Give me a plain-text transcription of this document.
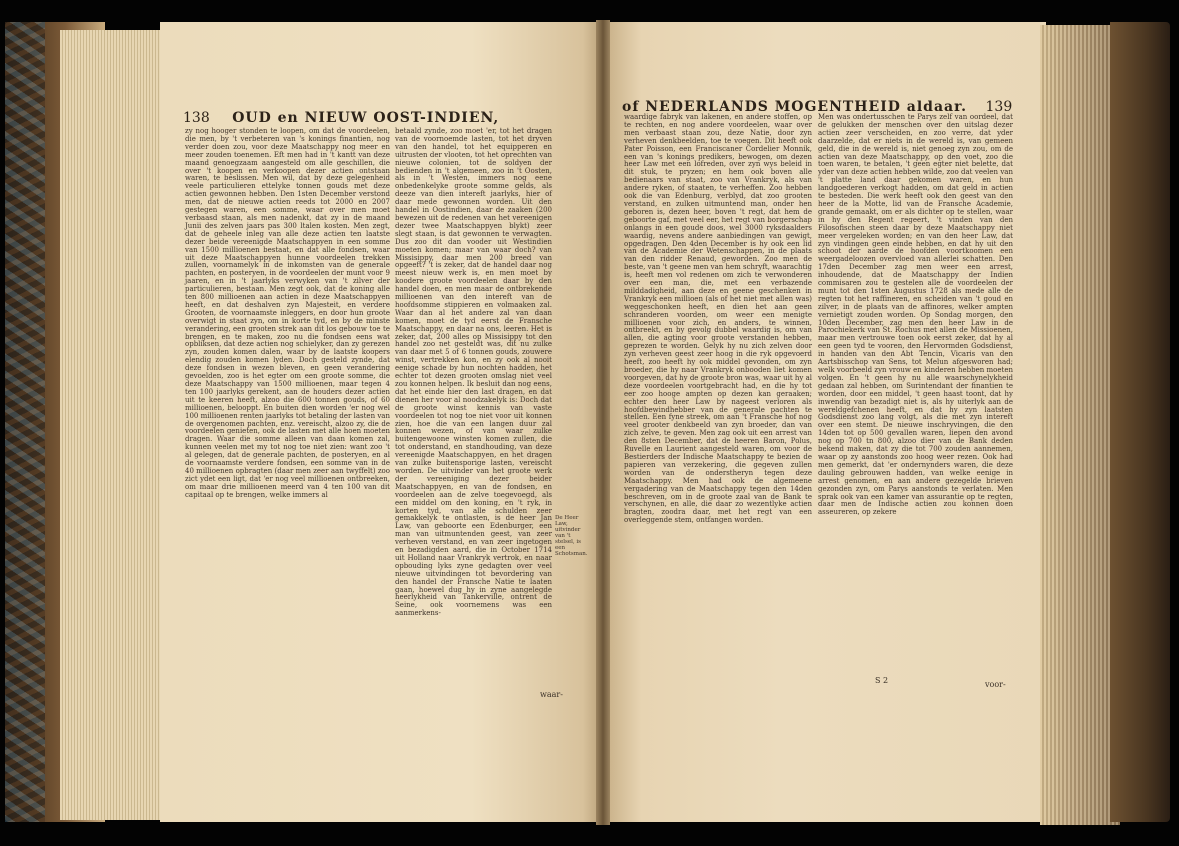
138 OUD en NIEUW OOST-INDIEN,
zy nog hooger stonden te loopen, om dat de voordeelen, die men, by 't verbeteren van 's konings finantien, nog verder doen zou, voor deze Maatschappy nog meer en meer zouden toenemen. Eft men had in 't kantt van deze maand genoegzaam aangesteld om alle geschillen, die over 't koopen en verkoopen dezer actien ontstaan waren, te beslissen. Men wil, dat by deze gelegenheid veele particulieren ettelyke tonnen gouds met deze actien gewonnen hebben. Den 1sten December verstond men, dat de nieuwe actien reeds tot 2000 en 2007 gestegen waren, een somme, waar over men moet verbaasd staan, als men nadenkt, dat zy in de maand Junii des zelven jaars pas 300 ltalen kosten. Men zegt, dat de geheele inleg van alle deze actien ten laatste dezer beide vereenigde Maatschappyen in een somme van 1500 millioenen bestaat, en dat alle fondsen, waar uit deze Maatschappyen hunne voordeelen trekken zullen, voornamelyk in de inkomsten van de generale pachten, en posteryen, in de voordeelen der munt voor 9 jaaren, en in 't jaarlyks verwyken van 't zilver der particulieren, bestaan. Men zegt ook, dat de koning alle ten 800 millioenen aan actien in deze Maatschappyen heeft, en dat deshalven zyn Majesteit, en verdere Grooten, de voornaamste inleggers, en door hun groote overwigt in staat zyn, om in korte tyd, en by de minste verandering, een grooten strek aan dit los gebouw toe te brengen, en te maken, zoo nu die fondsen eens wat opbliksen, dat deze actien nog schielyker, dan zy gerezen zyn, zouden komen dalen, waar by de laatste koopers elendig zouden komen lyden. Doch gesteld zynde, dat deze fondsen in wezen bleven, en geen verandering gevoelden, zoo is het egter om een groote somme, die deze Maatschappy van 1500 millioenen, maar tegen 4 ten 100 jaarlyks gerekent, aan de houders dezer actien uit te keeren heeft, alzoo die 600 tonnen gouds, of 60 millioenen, belooppt. En buiten dien worden 'er nog wel 100 millioenen renten jaarlyks tot betaling der lasten van de overgenomen pachten, enz. vereischt, alzoo zy, die de voordeelen genieten, ook de lasten met alle hoen moeten dragen. Waar die somme alleen van daan komen zal, kunnen veelen met my tot nog toe niet zien: want zoo 't al gelegen, dat de generale pachten, de posteryen, en al de voornaamste verdere fondsen, een somme van in de 40 millioenen opbragten (daar men zeer aan twyffelt) zoo zict ydet een ligt, dat 'er nog veel millioenen ontbreeken, om maar drie millioenen meerd van 4 ten 100 van dit capitaal op te brengen, welke immers al
betaald zynde, zoo moet 'er, tot het dragen van de voornoemde lasten, tot het dryven van den handel, tot het equipperen en uitrusten der vlooten, tot het oprechten van nieuwe colonien, tot de soldyen der bedienden in 't algemeen, zoo in 't Oosten, als in 't Westen, immers nog eene onbedenkelyke groote somme gelds, als deeze van dien intereft jaarlyks, hier of daar mede gewonnen worden. Uit den handel in Oostindien, daar de zaaken (200 bewezen uit de redenen van het vereenigen dezer twee Maatschappyen blykt) zeer slegt staan, is dat gewonnen te verwagten. Dus zoo dit dan vooder uit Westindien moeten komen; maar van waar doch? van Missisippy, daar men 200 breed van opgeeft? 't is zeker, dat de handel daar nog meest nieuw werk is, en men moet by koodere groote voordeelen daar by den handel doen, en men maar de ontbrekende millioenen van den intereft van de hoofdsomme stippieren en volmaaken zal. Waar dan al het andere zal van daan komen, moet de tyd eerst de Fransche Maatschappy, en daar na ons, leeren. Het is zeker, dat, 200 alles op Missisippy tot den handel zoo net gesteldt was, dit nu zulke van daar met 5 of 6 tonnen gouds, zouwere winst, vertrekken kon, en zy ook al nooit eenige schade by hun nochten hadden, het echter tot dezen grooten omslag niet veel zou konnen helpen. Ik besluit dan nog eens, dat het einde hier den last dragen, en dat dienen her voor al noodzakelyk is: Doch dat de groote winst kennis van vaste voordeelen tot nog toe niet voor uit konnen zien, hoe die van een langen duur zal konnen wezen, of van waar zulke buitengewoone winsten komen zullen, die tot onderstand, en standhouding, van deze vereenigde Maatschappyen, en het dragen van zulke buitensporige lasten, vereischt worden. De uitvinder van het groote werk der vereeniging dezer beider Maatschappyen, en van de fondsen, en voordeelen aan de zelve toegevoegd, als een middel om den koning, en 't ryk, in korten tyd, van alle schulden zeer gemakkelyk te ontlasten, is de heer Jan Law, van geboorte een Edenburger, een man van uitmuntenden geest, van zeer verheven verstand, en van zeer ingetogen en bezadigden aard, die in October 1714 uit Holland naar Vrankryk vertrok, en naar opbouding lyks zyne gedagten over veel nieuwe uitvindingen tot bevordering van den handel der Fransche Natie te laaten gaan, hoewel dug hy in zyne aangelegde heerlykheid van Tankerville, ontrent de Seine, ook voornemens was een aanmerkens-
De Heer Law, uitvinder van 't stelsel, is een Schotsman.
waar-
of NEDERLANDS MOGENTHEID aldaar. 139
waardige fabryk van lakenen, en andere stoffen, op te rechten, en nog andere voordeelen, waar over men verbaast staan zou, deze Natie, door zyn verheven denkbeelden, toe te voegen. Dit heeft ook Pater Poisson, een Franciscaner Cordelier Monnik, een van 's konings predikers, bewogen, om dezen heer Law met een lofreden, over zyn wys beleid in dit stuk, te pryzen; en hem ook boven alle bedienaars van staat, zoo van Vrankryk, als van andere ryken, of staaten, te verheffen. Zoo hebben ook die van Edenburg, verblyd, dat zoo grooten verstand, en zulken uitmuntend man, onder hen geboren is, dezen heer, boven 't regt, dat hem de geboorte gaf, met veel eer, het regt van borgerschap onlangs in een goude doos, wel 3000 ryksdaalders waardig, nevens andere aanbiedingen van gewigt, opgedragen. Den 4den December is hy ook een lid van de Academie der Wetenschappen, in de plaats van den ridder Renaud, geworden. Zoo men de beste, van 't geene men van hem schryft, waarachtig is, heeft men vol redenen om zich te verwonderen over een man, die, met een verbazende milddadigheid, aan deze en geene geschenken in Vrankryk een millioen (als of het niet met allen was) weggeschonken heeft, en dien het aan geen schranderen voorden, om weer een menigte millioenen voor zich, en anders, te winnen, ontbreekt, en by gevolg dubbel waardig is, om van allen, die agting voor groote verstanden hebben, geprezen te worden. Gelyk hy nu zich zelven door zyn verheven geest zeer hoog in die ryk opgevoerd heeft, zoo heeft hy ook middel gevonden, om zyn broeder, die hy naar Vrankryk onbooden liet komen voorgeven, dat hy de groote bron was, waar uit hy al deze voordeelen voortgebracht had, en die hy tot eer zoo hooge ampten op dezen kan geraaken; echter den heer Law by nageest verloren als hoofdbewindhebber van de generale pachten te stellen. Een fyne streek, om aan 't Fransche hof nog veel grooter denkbeeld van zyn broeder, dan van zich zelve, te geven. Men zag ook uit een arrest van den 8sten December, dat de heeren Baron, Polus, Ruvelle en Laurient aangesteld waren, om voor de Bestierders der Indische Maatschappy te bezien de papieren van verzekering, die gegeven zullen worden van de onderstheryn tegen deze Maatschappy. Men had ook de algemeene vergadering van de Maatschappy tegen den 14den beschreven, om in de groote zaal van de Bank te verschynen, en alle, die daar zo wezentlyke actien bragten, zoodra daar, met het regt van een overleggende stem, ontfangen worden.
Men was ondertusschen te Parys zelf van oordeel, dat de gelukken der menschen over den uitslag dezer actien zeer verscheiden, en zoo verre, dat yder daarzelde, dat er niets in de wereld is, van gemeen geld, die in de wereld is, niet genoeg zyn zou, om de actien van deze Maatschappy, op den voet, zoo die toen waren, te betalen, 't geen egter niet belette, dat yder van deze actien hebben wilde, zoo dat veelen van 't platte land daar gekomen waren, en hun landgoederen verkogt hadden, om dat geld in actien te besteden. Die werk heeft ook den geest van den heer de la Motte, lid van de Fransche Academie, grande gemaakt, om er als dichter op te stellen, waar in hy den Regent regeert, 't vinden van den Filosofischen steen daar by deze Maatschappy niet meer vergeleken worden; en van den heer Law, dat zyn vindingen geen einde hebben, en dat hy uit den schoot der aarde de hoofden voortkoomen een weergadeloozen overvloed van allerlei schatten. Den 17den December zag men weer een arrest, inhoudende, dat de Maatschappy der Indien commisaren zou te gestelen alle de voordeelen der munt tot den 1sten Augustus 1728 als mede alle de regten tot het raffineren, en scheiden van 't goud en zilver, in de plaats van de affinores, welker ampten vernietigt zouden worden. Op Sondag morgen, den 10den December, zag men den heer Law in de Parochiekerk van St. Rochus met allen de Missioenen, maar men vertrouwe toen ook eerst zeker, dat hy al een geen tyd te vooren, den Hervormden Godsdienst, in handen van den Abt Tencin, Vicaris van den Aartsbisschop van Sens, tot Melun afgesworen had; welk voorbeeld zyn vrouw en kinderen hebben moeten volgen. En 't geen hy nu alle waarschynelykheid gedaan zal hebben, om Surintendant der finantien te worden, door een middel, 't geen haast toont, dat hy inwendig van bezadigt niet is, als hy uiterlyk aan de wereldgefchenen heeft, en dat hy zyn laatsten Godsdienst zoo lang volgt, als die met zyn intereft over een stemt. De nieuwe inschryvingen, die den 14den tot op 500 gevallen waren, liepen den avond nog op 700 tn 800, alzoo dier van de Bank deden bekend maken, dat zy die tot 700 zouden aannemen, waar op zy aanstonds zoo hoog weer rezen. Ook had men gemerkt, dat 'er ondernynders waren, die deze dauling gebrouwen hadden, van welke eenige in arrest genomen, en aan andere gezegelde brieven gezonden zyn, om Parys aanstonds te verlaten. Men sprak ook van een kamer van assurantie op te regten, daar men de Indische actien zou konnen doen asseureren, op zekere
S 2	voor-
